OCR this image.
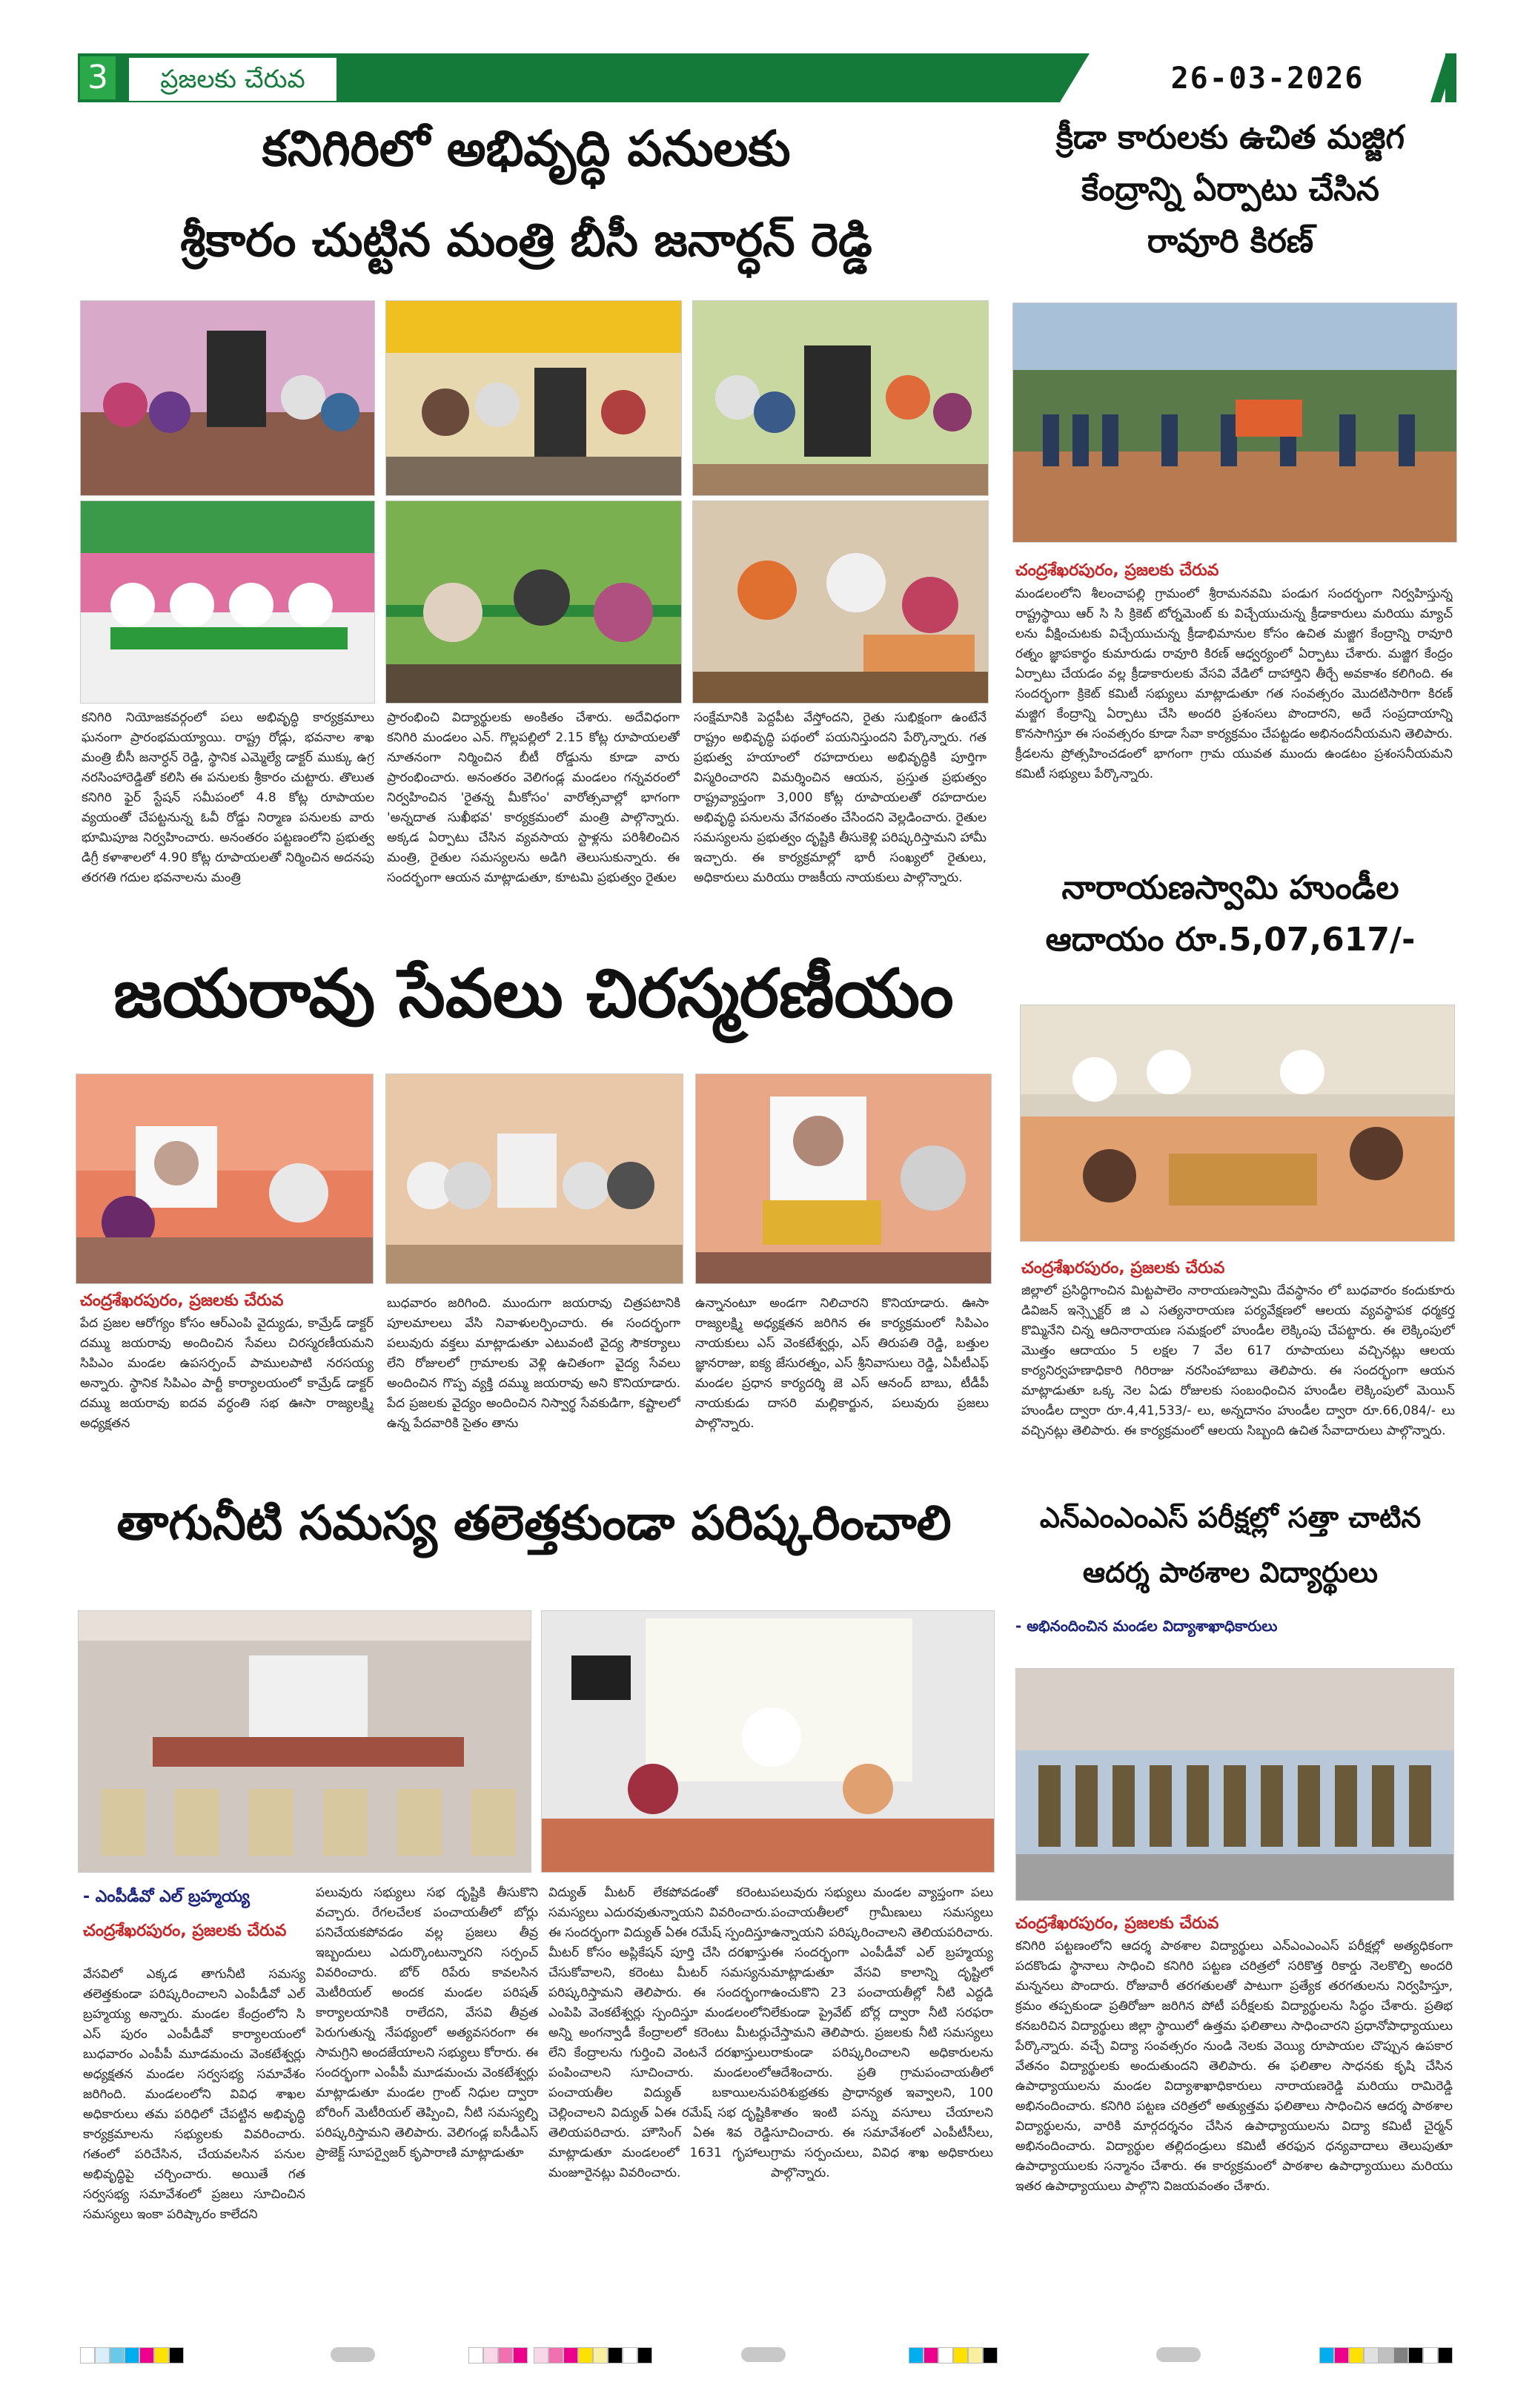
3	ప్రజలకు చేరువ	26-03-2026
కనిగిరిలో అభివృద్ధి పనులకు
శ్రీకారం చుట్టిన మంత్రి బీసీ జనార్ధన్ రెడ్డి
కనిగిరి నియోజకవర్గంలో పలు అభివృద్ధి కార్యక్రమాలు ఘనంగా ప్రారంభమయ్యాయి. రాష్ట్ర రోడ్లు, భవనాల శాఖ మంత్రి బీసీ జనార్ధన్ రెడ్డి, స్థానిక ఎమ్మెల్యే డాక్టర్ ముక్కు ఉగ్ర నరసింహారెడ్డితో కలిసి ఈ పనులకు శ్రీకారం చుట్టారు. తొలుత కనిగిరి ఫైర్ స్టేషన్ సమీపంలో 4.8 కోట్ల రూపాయల వ్యయంతో చేపట్టనున్న ఓవీ రోడ్డు నిర్మాణ పనులకు వారు భూమిపూజ నిర్వహించారు. అనంతరం పట్టణంలోని ప్రభుత్వ డిగ్రీ కళాశాలలో 4.90 కోట్ల రూపాయలతో నిర్మించిన అదనపు తరగతి గదుల భవనాలను మంత్రి
ప్రారంభించి విద్యార్థులకు అంకితం చేశారు. అదేవిధంగా కనిగిరి మండలం ఎన్. గొల్లపల్లిలో 2.15 కోట్ల రూపాయలతో నూతనంగా నిర్మించిన బీటీ రోడ్డును కూడా వారు ప్రారంభించారు. అనంతరం వెలిగండ్ల మండలం గన్నవరంలో నిర్వహించిన 'రైతన్న మీకోసం' వారోత్సవాల్లో భాగంగా 'అన్నదాత సుఖీభవ' కార్యక్రమంలో మంత్రి పాల్గొన్నారు. అక్కడ ఏర్పాటు చేసిన వ్యవసాయ స్టాళ్లను పరిశీలించిన మంత్రి, రైతుల సమస్యలను అడిగి తెలుసుకున్నారు. ఈ సందర్భంగా ఆయన మాట్లాడుతూ, కూటమి ప్రభుత్వం రైతుల
సంక్షేమానికి పెద్దపీట వేస్తోందని, రైతు సుభిక్షంగా ఉంటేనే రాష్ట్రం అభివృద్ధి పథంలో పయనిస్తుందని పేర్కొన్నారు. గత ప్రభుత్వ హయాంలో రహదారులు అభివృద్ధికి పూర్తిగా విస్మరించారని విమర్శించిన ఆయన, ప్రస్తుత ప్రభుత్వం రాష్ట్రవ్యాప్తంగా 3,000 కోట్ల రూపాయలతో రహదారుల అభివృద్ధి పనులను వేగవంతం చేసిందని వెల్లడించారు. రైతుల సమస్యలను ప్రభుత్వం దృష్టికి తీసుకెళ్లి పరిష్కరిస్తామని హామీ ఇచ్చారు. ఈ కార్యక్రమాల్లో భారీ సంఖ్యలో రైతులు, అధికారులు మరియు రాజకీయ నాయకులు పాల్గొన్నారు.
క్రీడా కారులకు ఉచిత మజ్జిగ
కేంద్రాన్ని ఏర్పాటు చేసిన
రావూరి కిరణ్
చంద్రశేఖరపురం, ప్రజలకు చేరువ
మండలంలోని శీలంచాపల్లి గ్రామంలో శ్రీరామనవమి పండుగ సందర్భంగా నిర్వహిస్తున్న రాష్ట్రస్థాయి ఆర్ సి సి క్రికెట్ టోర్నమెంట్ కు విచ్చేయుచున్న క్రీడాకారులు మరియు మ్యాచ్ లను వీక్షించుటకు విచ్చేయుచున్న క్రీడాభిమానుల కోసం ఉచిత మజ్జిగ కేంద్రాన్ని రావూరి రత్నం జ్ఞాపకార్థం కుమారుడు రావూరి కిరణ్ ఆధ్వర్యంలో ఏర్పాటు చేశారు. మజ్జిగ కేంద్రం ఏర్పాటు చేయడం వల్ల క్రీడాకారులకు వేసవి వేడిలో దాహార్తిని తీర్చే అవకాశం కలిగింది. ఈ సందర్భంగా క్రికెట్ కమిటీ సభ్యులు మాట్లాడుతూ గత సంవత్సరం మొదటిసారిగా కిరణ్ మజ్జిగ కేంద్రాన్ని ఏర్పాటు చేసి అందరి ప్రశంసలు పొందారని, అదే సంప్రదాయాన్ని కొనసాగిస్తూ ఈ సంవత్సరం కూడా సేవా కార్యక్రమం చేపట్టడం అభినందనీయమని తెలిపారు. క్రీడలను ప్రోత్సహించడంలో భాగంగా గ్రామ యువత ముందు ఉండటం ప్రశంసనీయమని కమిటీ సభ్యులు పేర్కొన్నారు.
నారాయణస్వామి హుండీల
ఆదాయం రూ.5,07,617/-
చంద్రశేఖరపురం, ప్రజలకు చేరువ
జిల్లాలో ప్రసిద్ధిగాంచిన మిట్టపాలెం నారాయణస్వామి దేవస్థానం లో బుధవారం కందుకూరు డివిజన్ ఇన్స్పెక్టర్ జి ఎ సత్యనారాయణ పర్యవేక్షణలో ఆలయ వ్యవస్థాపక ధర్మకర్త కొమ్మినేని చిన్న ఆదినారాయణ సమక్షంలో హుండీల లెక్కింపు చేపట్టారు. ఈ లెక్కింపులో మొత్తం ఆదాయం 5 లక్షల 7 వేల 617 రూపాయలు వచ్చినట్లు ఆలయ కార్యనిర్వహణాధికారి గిరిరాజు నరసింహాబాబు తెలిపారు. ఈ సందర్భంగా ఆయన మాట్లాడుతూ ఒక్క నెల ఏడు రోజులకు సంబంధించిన హుండీల లెక్కింపులో మెయిన్ హుండీల ద్వారా రూ.4,41,533/- లు, అన్నదానం హుండీల ద్వారా రూ.66,084/- లు వచ్చినట్లు తెలిపారు. ఈ కార్యక్రమంలో ఆలయ సిబ్బంది ఉచిత సేవాదారులు పాల్గొన్నారు.
జయరావు సేవలు చిరస్మరణీయం
చంద్రశేఖరపురం, ప్రజలకు చేరువ
పేద ప్రజల ఆరోగ్యం కోసం ఆర్ఎంపి వైద్యుడు, కామ్రేడ్ డాక్టర్ దమ్ము జయరావు అందించిన సేవలు చిరస్మరణీయమని సిపిఎం మండల ఉపసర్పంచ్ పాములపాటి నరసయ్య అన్నారు. స్థానిక సిపిఎం పార్టీ కార్యాలయంలో కామ్రేడ్ డాక్టర్ దమ్ము జయరావు ఐదవ వర్ధంతి సభ ఊసా రాజ్యలక్ష్మి అధ్యక్షతన
బుధవారం జరిగింది. ముందుగా జయరావు చిత్రపటానికి పూలమాలలు వేసి నివాళులర్పించారు. ఈ సందర్భంగా పలువురు వక్తలు మాట్లాడుతూ ఎటువంటి వైద్య సౌకర్యాలు లేని రోజులలో గ్రామాలకు వెళ్లి ఉచితంగా వైద్య సేవలు అందించిన గొప్ప వ్యక్తి దమ్ము జయరావు అని కొనియాడారు. పేద ప్రజలకు వైద్యం అందించిన నిస్వార్థ సేవకుడిగా, కష్టాలలో ఉన్న పేదవారికి సైతం తాను
ఉన్నానంటూ అండగా నిలిచారని కొనియాడారు. ఊసా రాజ్యలక్ష్మి అధ్యక్షతన జరిగిన ఈ కార్యక్రమంలో సిపిఎం నాయకులు ఎస్ వెంకటేశ్వర్లు, ఎస్ తిరుపతి రెడ్డి, బత్తుల జ్ఞానరాజు, ఐక్య జేసురత్నం, ఎస్ శ్రీనివాసులు రెడ్డి, ఏపీటీఎఫ్ మండల ప్రధాన కార్యదర్శి జె ఎస్ ఆనంద్ బాబు, టీడీపీ నాయకుడు దాసరి మల్లికార్జున, పలువురు ప్రజలు పాల్గొన్నారు.
తాగునీటి సమస్య తలెత్తకుండా పరిష్కరించాలి
- ఎంపీడీవో ఎల్ బ్రహ్మయ్య
చంద్రశేఖరపురం, ప్రజలకు చేరువ
వేసవిలో ఎక్కడ తాగునీటి సమస్య తలెత్తకుండా పరిష్కరించాలని ఎంపీడీవో ఎల్ బ్రహ్మయ్య అన్నారు. మండల కేంద్రంలోని సి ఎస్ పురం ఎంపీడీవో కార్యాలయంలో బుధవారం ఎంపీపీ మూడమంచు వెంకటేశ్వర్లు అధ్యక్షతన మండల సర్వసభ్య సమావేశం జరిగింది. మండలంలోని వివిధ శాఖల అధికారులు తమ పరిధిలో చేపట్టిన అభివృద్ధి కార్యక్రమాలను సభ్యులకు వివరించారు. గతంలో పరిచేసిన, చేయవలసిన పనుల అభివృద్ధిపై చర్చించారు. అయితే గత సర్వసభ్య సమావేశంలో ప్రజలు సూచించిన సమస్యలు ఇంకా పరిష్కారం కాలేదని
పలువురు సభ్యులు సభ దృష్టికి తీసుకొని వచ్చారు. రేగలచేలక పంచాయతీలో బోర్లు పనిచేయకపోవడం వల్ల ప్రజలు తీవ్ర ఇబ్బందులు ఎదుర్కొంటున్నారని సర్పంచ్ వివరించారు. బోర్ రిపేరు కావలసిన మెటీరియల్ అందక మండల పరిషత్ కార్యాలయానికి రాలేదని, వేసవి తీవ్రత పెరుగుతున్న నేపథ్యంలో అత్యవసరంగా ఈ సామగ్రిని అందజేయాలని సభ్యులు కోరారు. ఈ సందర్భంగా ఎంపీపీ మూడమంచు వెంకటేశ్వర్లు మాట్లాడుతూ మండల గ్రాంట్ నిధుల ద్వారా బోరింగ్ మెటీరియల్ తెప్పించి, నీటి సమస్యల్ని పరిష్కరిస్తామని తెలిపారు. వెలిగండ్ల ఐసీడీఎస్ ప్రాజెక్ట్ సూపర్వైజర్ కృపారాణి మాట్లాడుతూ
విద్యుత్ మీటర్ లేకపోవడంతో కరెంటు సమస్యలు ఎదురవుతున్నాయని వివరించారు. ఈ సందర్భంగా విద్యుత్ ఏఈ రమేష్ స్పందిస్తూ మీటర్ కోసం అప్లికేషన్ పూర్తి చేసి దరఖాస్తు చేసుకోవాలని, కరెంటు మీటర్ సమస్యను పరిష్కరిస్తామని తెలిపారు. ఈ సందర్భంగా ఎంపిపి వెంకటేశ్వర్లు స్పందిస్తూ మండలంలోని అన్ని అంగన్వాడీ కేంద్రాలలో కరెంటు మీటర్లు లేని కేంద్రాలను గుర్తించి వెంటనే దరఖాస్తులు పంపించాలని సూచించారు. మండలంలో పంచాయతీల విద్యుత్ బకాయిలను చెల్లించాలని విద్యుత్ ఏఈ రమేష్ సభ దృష్టికి తెలియపరిచారు. హౌసింగ్ ఏఈ శివ రెడ్డి మాట్లాడుతూ మండలంలో 1631 గృహాలు మంజూరైనట్లు వివరించారు.
పలువురు సభ్యులు మండల వ్యాప్తంగా పలు పంచాయతీలలో గ్రామీణులు సమస్యలు ఉన్నాయని పరిష్కరించాలని తెలియపరిచారు. ఈ సందర్భంగా ఎంపీడీవో ఎల్ బ్రహ్మయ్య మాట్లాడుతూ వేసవి కాలాన్ని దృష్టిలో ఉంచుకొని 23 పంచాయతీల్లో నీటి ఎద్దడి లేకుండా ప్రైవేట్ బోర్ల ద్వారా నీటి సరఫరా చేస్తామని తెలిపారు. ప్రజలకు నీటి సమస్యలు రాకుండా పరిష్కరించాలని అధికారులను ఆదేశించారు. ప్రతి గ్రామపంచాయతీలో పరిశుభ్రతకు ప్రాధాన్యత ఇవ్వాలని, 100 శాతం ఇంటి పన్ను వసూలు చేయాలని సూచించారు. ఈ సమావేశంలో ఎంపీటీసీలు, గ్రామ సర్పంచులు, వివిధ శాఖ అధికారులు పాల్గొన్నారు.
ఎన్ఎంఎంఎస్ పరీక్షల్లో సత్తా చాటిన
ఆదర్శ పాఠశాల విద్యార్థులు
- అభినందించిన మండల విద్యాశాఖాధికారులు
చంద్రశేఖరపురం, ప్రజలకు చేరువ
కనిగిరి పట్టణంలోని ఆదర్శ పాఠశాల విద్యార్థులు ఎన్ఎంఎంఎస్ పరీక్షల్లో అత్యధికంగా పదకొండు స్థానాలు సాధించి కనిగిరి పట్టణ చరిత్రలో సరికొత్త రికార్డు నెలకొల్పి అందరి మన్ననలు పొందారు. రోజువారీ తరగతులతో పాటుగా ప్రత్యేక తరగతులను నిర్వహిస్తూ, క్రమం తప్పకుండా ప్రతిరోజూ జరిగిన పోటీ పరీక్షలకు విద్యార్థులను సిద్ధం చేశారు. ప్రతిభ కనబరిచిన విద్యార్థులు జిల్లా స్థాయిలో ఉత్తమ ఫలితాలు సాధించారని ప్రధానోపాధ్యాయులు పేర్కొన్నారు. వచ్చే విద్యా సంవత్సరం నుండి నెలకు వెయ్యి రూపాయల చొప్పున ఉపకార వేతనం విద్యార్థులకు అందుతుందని తెలిపారు. ఈ ఫలితాల సాధనకు కృషి చేసిన ఉపాధ్యాయులను మండల విద్యాశాఖాధికారులు నారాయణరెడ్డి మరియు రామిరెడ్డి అభినందించారు. కనిగిరి పట్టణ చరిత్రలో అత్యుత్తమ ఫలితాలు సాధించిన ఆదర్శ పాఠశాల విద్యార్థులను, వారికి మార్గదర్శనం చేసిన ఉపాధ్యాయులను విద్యా కమిటీ చైర్మన్ అభినందించారు. విద్యార్థుల తల్లిదండ్రులు కమిటీ తరఫున ధన్యవాదాలు తెలుపుతూ ఉపాధ్యాయులకు సన్మానం చేశారు. ఈ కార్యక్రమంలో పాఠశాల ఉపాధ్యాయులు మరియు ఇతర ఉపాధ్యాయులు పాల్గొని విజయవంతం చేశారు.
